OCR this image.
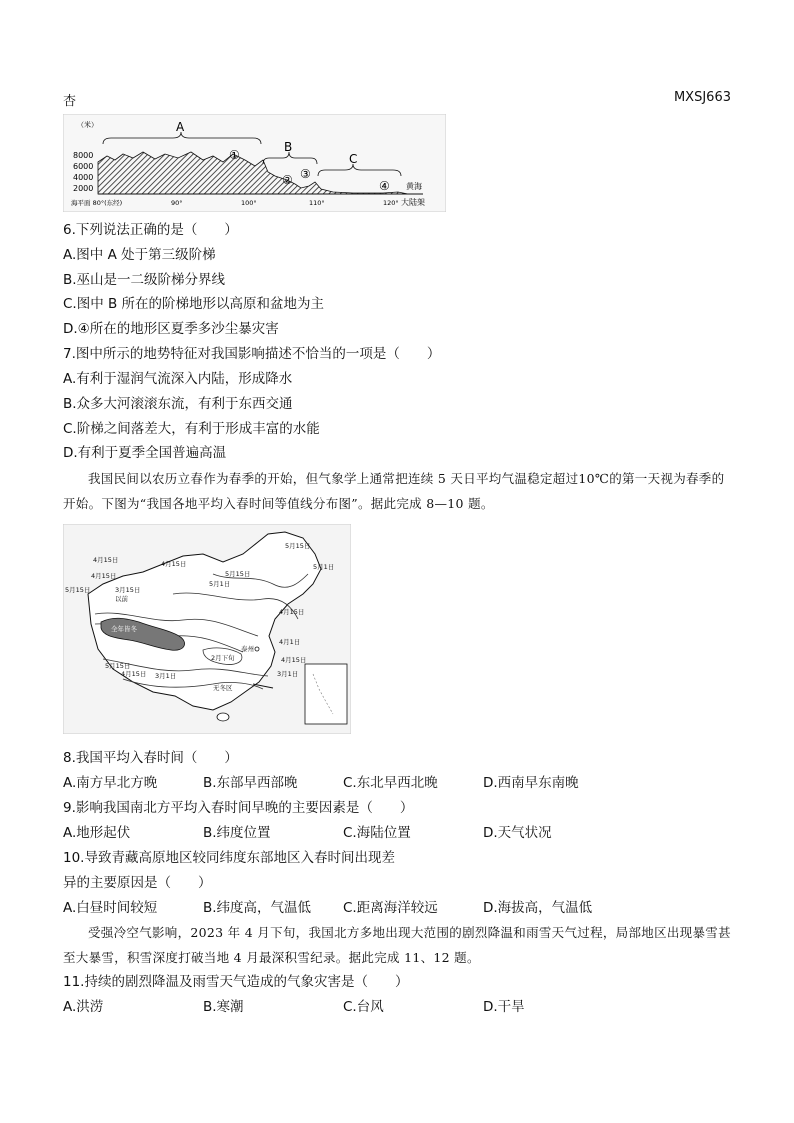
杏	MXSJ663
（米）
8000
6000
4000
2000
海平面 80°(东经)	90°	100°	110°	120° 大陆架
A
B
C
①
② ③
④ 黄海
6.下列说法正确的是（　　）
A.图中 A 处于第三级阶梯
B.巫山是一二级阶梯分界线
C.图中 B 所在的阶梯地形以高原和盆地为主
D.④所在的地形区夏季多沙尘暴灾害
7.图中所示的地势特征对我国影响描述不恰当的一项是（　　）
A.有利于湿润气流深入内陆，形成降水
B.众多大河滚滚东流，有利于东西交通
C.阶梯之间落差大，有利于形成丰富的水能
D.有利于夏季全国普遍高温
我国民间以农历立春作为春季的开始，但气象学上通常把连续 5 天日平均气温稳定超过10℃的第一天视为春季的开始。下图为“我国各地平均入春时间等值线分布图”。据此完成 8—10 题。
5月15日
5月1日
4月15日
4月15日
5月15日
4月15日
3月15日
以前
5月1日
5月15日
4月15日
全年皆冬
4月1日
泰州
4月15日
2月下旬
5月15日
4月15日 3月1日	3月1日
无冬区
8.我国平均入春时间（　　）
A.南方早北方晚	B.东部早西部晚	C.东北早西北晚	D.西南早东南晚
9.影响我国南北方平均入春时间早晚的主要因素是（　　）
A.地形起伏	B.纬度位置	C.海陆位置	D.天气状况
10.导致青藏高原地区较同纬度东部地区入春时间出现差
异的主要原因是（　　）
A.白昼时间较短	B.纬度高，气温低 C.距离海洋较远	D.海拔高，气温低
受强冷空气影响，2023 年 4 月下旬，我国北方多地出现大范围的剧烈降温和雨雪天气过程，局部地区出现暴雪甚至大暴雪，积雪深度打破当地 4 月最深积雪纪录。据此完成 11、12 题。
11.持续的剧烈降温及雨雪天气造成的气象灾害是（　　）
A.洪涝	B.寒潮	C.台风	D.干旱
